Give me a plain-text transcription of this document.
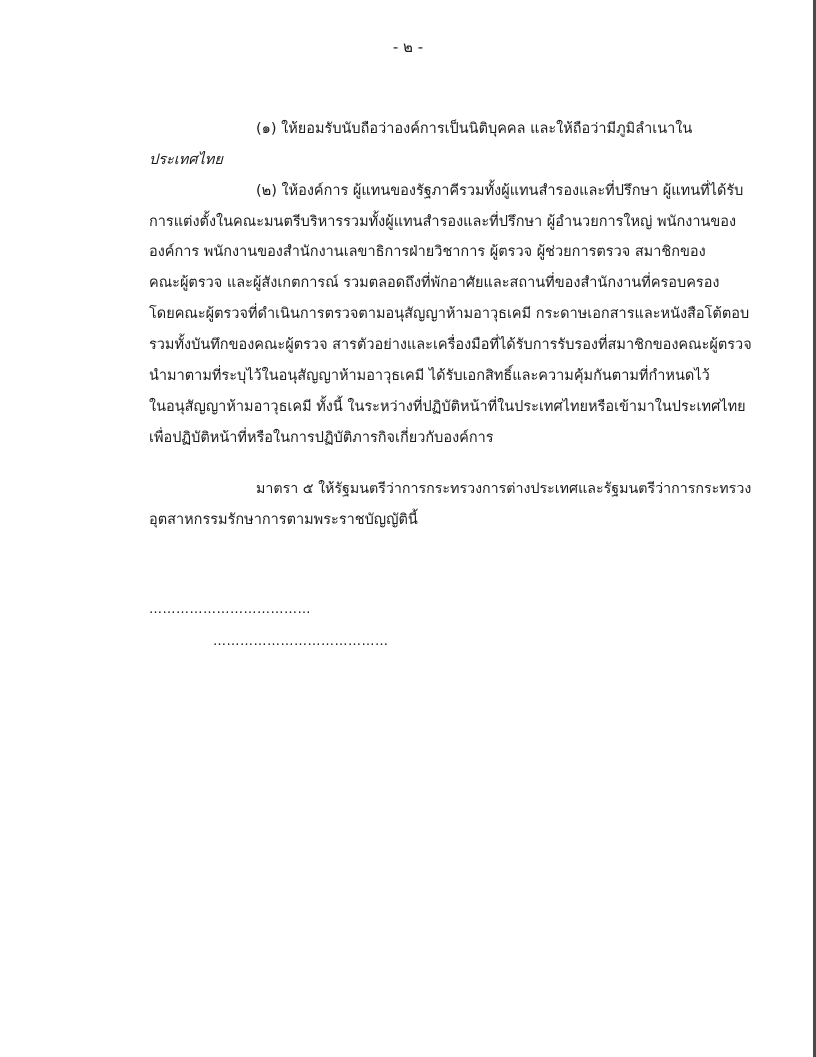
- ๒ -
(๑) ให้ยอมรับนับถือว่าองค์การเป็นนิติบุคคล และให้ถือว่ามีภูมิลำเนาใน
ประเทศไทย
(๒) ให้องค์การ ผู้แทนของรัฐภาคีรวมทั้งผู้แทนสำรองและที่ปรึกษา ผู้แทนที่ได้รับ
การแต่งตั้งในคณะมนตรีบริหารรวมทั้งผู้แทนสำรองและที่ปรึกษา ผู้อำนวยการใหญ่ พนักงานของ
องค์การ พนักงานของสำนักงานเลขาธิการฝ่ายวิชาการ ผู้ตรวจ ผู้ช่วยการตรวจ สมาชิกของ
คณะผู้ตรวจ และผู้สังเกตการณ์ รวมตลอดถึงที่พักอาศัยและสถานที่ของสำนักงานที่ครอบครอง
โดยคณะผู้ตรวจที่ดำเนินการตรวจตามอนุสัญญาห้ามอาวุธเคมี กระดาษเอกสารและหนังสือโต้ตอบ
รวมทั้งบันทึกของคณะผู้ตรวจ สารตัวอย่างและเครื่องมือที่ได้รับการรับรองที่สมาชิกของคณะผู้ตรวจ
นำมาตามที่ระบุไว้ในอนุสัญญาห้ามอาวุธเคมี ได้รับเอกสิทธิ์และความคุ้มกันตามที่กำหนดไว้
ในอนุสัญญาห้ามอาวุธเคมี ทั้งนี้ ในระหว่างที่ปฏิบัติหน้าที่ในประเทศไทยหรือเข้ามาในประเทศไทย
เพื่อปฏิบัติหน้าที่หรือในการปฏิบัติภารกิจเกี่ยวกับองค์การ
มาตรา ๕ ให้รัฐมนตรีว่าการกระทรวงการต่างประเทศและรัฐมนตรีว่าการกระทรวง
อุตสาหกรรมรักษาการตามพระราชบัญญัตินี้
………………………………
…………………………………
